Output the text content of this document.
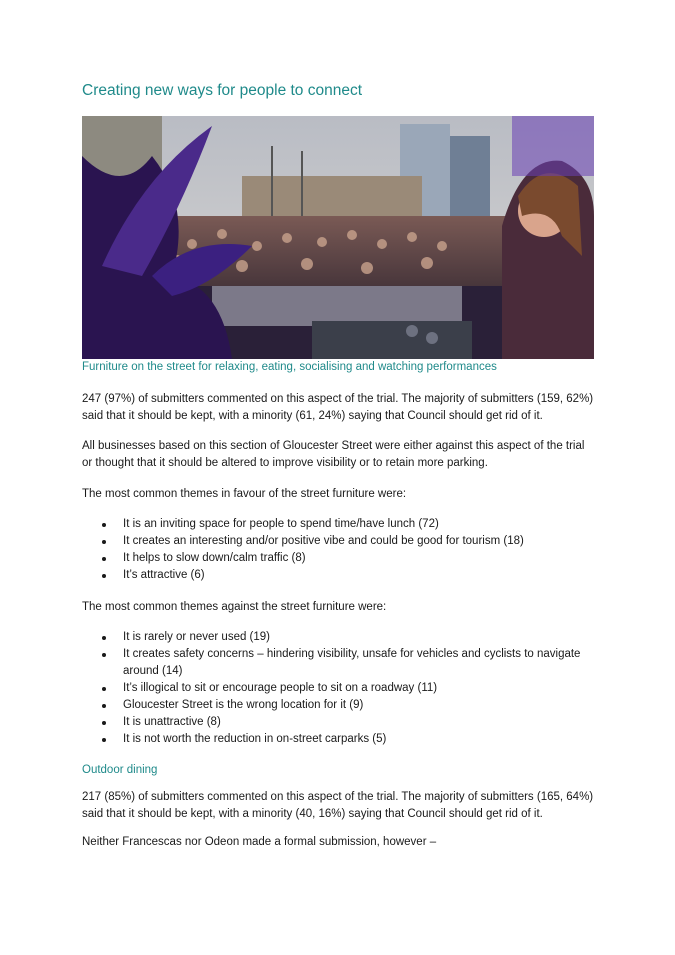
Creating new ways for people to connect
Furniture on the street for relaxing, eating, socialising and watching performances
247 (97%) of submitters commented on this aspect of the trial. The majority of submitters (159, 62%) said that it should be kept, with a minority (61, 24%) saying that Council should get rid of it.
All businesses based on this section of Gloucester Street were either against this aspect of the trial or thought that it should be altered to improve visibility or to retain more parking.
The most common themes in favour of the street furniture were:
It is an inviting space for people to spend time/have lunch (72)
It creates an interesting and/or positive vibe and could be good for tourism (18)
It helps to slow down/calm traffic (8)
It’s attractive (6)
The most common themes against the street furniture were:
It is rarely or never used (19)
It creates safety concerns – hindering visibility, unsafe for vehicles and cyclists to navigate around (14)
It’s illogical to sit or encourage people to sit on a roadway (11)
Gloucester Street is the wrong location for it (9)
It is unattractive (8)
It is not worth the reduction in on-street carparks (5)
Outdoor dining
217 (85%) of submitters commented on this aspect of the trial. The majority of submitters (165, 64%) said that it should be kept, with a minority (40, 16%) saying that Council should get rid of it.
Neither Francescas nor Odeon made a formal submission, however –
